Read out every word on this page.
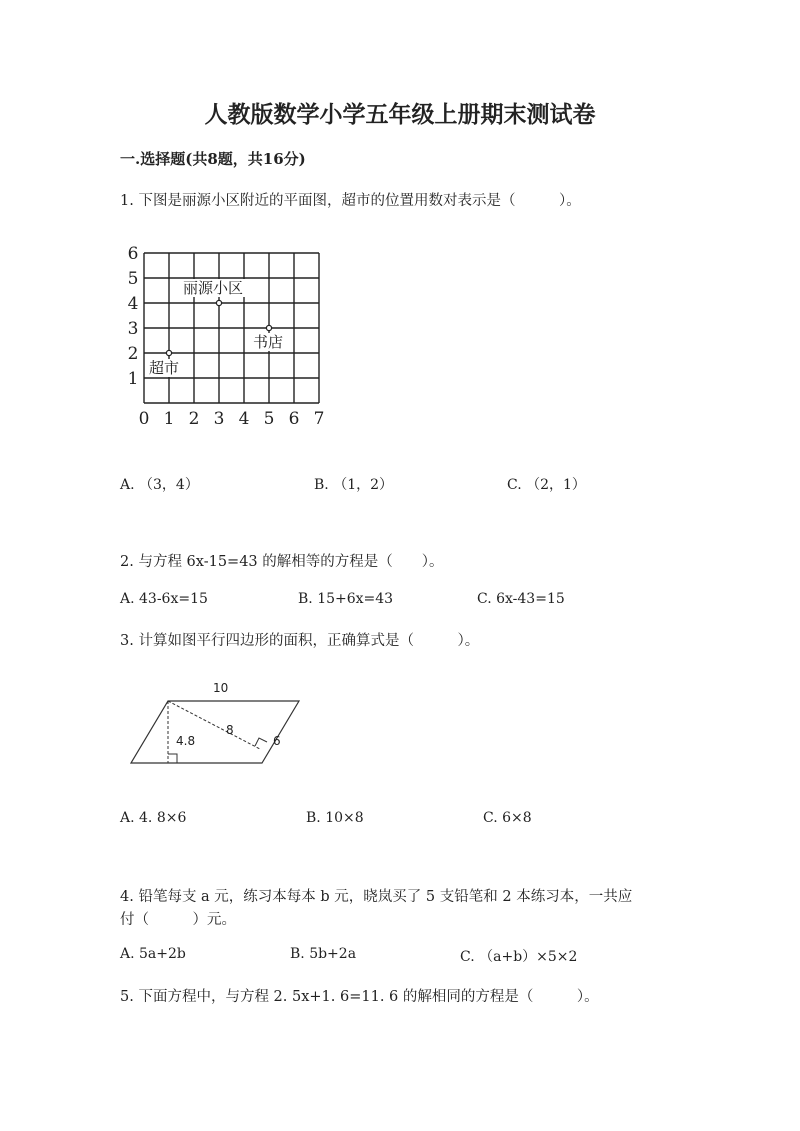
人教版数学小学五年级上册期末测试卷
一.选择题(共8题，共16分)
1. 下图是丽源小区附近的平面图，超市的位置用数对表示是（　　　）。
0 1 2 3 4 5 6 7
1
2
3
4
5
6
丽源小区
书店
超市
A. （3，4）	B. （1，2）	C. （2，1）
2. 与方程 6x-15=43 的解相等的方程是（　　）。
A. 43-6x=15	B. 15+6x=43	C. 6x-43=15
3. 计算如图平行四边形的面积，正确算式是（　　　）。
10
8
4.8	6
A. 4. 8×6	B. 10×8	C. 6×8
4. 铅笔每支 a 元，练习本每本 b 元，晓岚买了 5 支铅笔和 2 本练习本，一共应
付（　　　）元。
A. 5a+2b	B. 5b+2a	C. （a+b）×5×2
5. 下面方程中，与方程 2. 5x+1. 6=11. 6 的解相同的方程是（　　　）。
